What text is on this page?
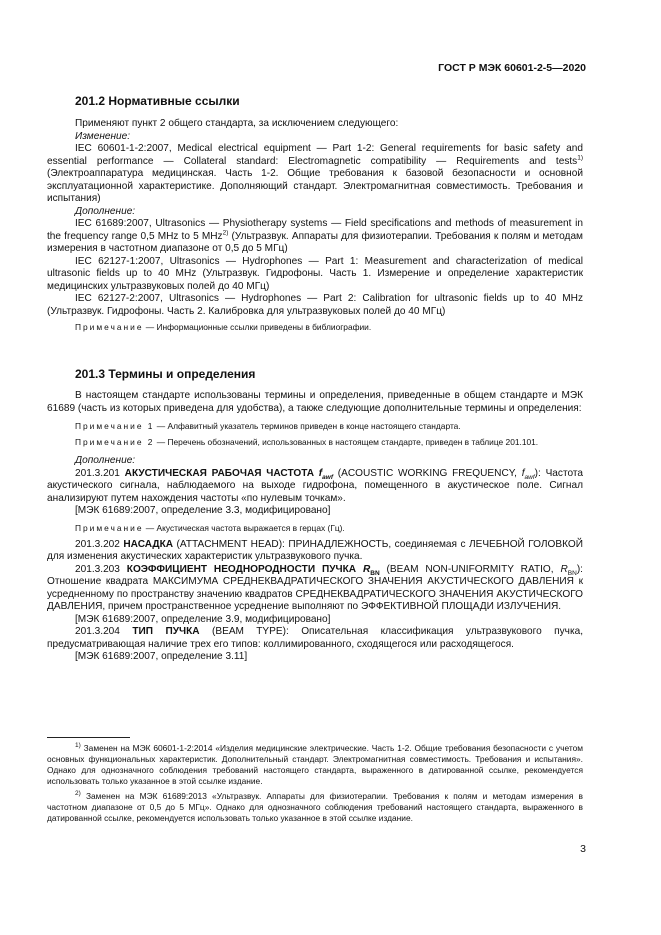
ГОСТ Р МЭК 60601-2-5—2020
201.2 Нормативные ссылки

Применяют пункт 2 общего стандарта, за исключением следующего:

Изменение:

IEC 60601-1-2:2007, Medical electrical equipment — Part 1-2: General requirements for basic safety and essential performance — Collateral standard: Electromagnetic compatibility — Requirements and tests$^{1)}$ (Электроаппаратура медицинская. Часть 1-2. Общие требования к базовой безопасности и основной эксплуатационной характеристике. Дополняющий стандарт. Электромагнитная совместимость. Требования и испытания)

Дополнение:

IEC 61689:2007, Ultrasonics — Physiotherapy systems — Field specifications and methods of measurement in the frequency range 0,5 MHz to 5 MHz$^{2)}$ (Ультразвук. Аппараты для физиотерапии. Требования к полям и методам измерения в частотном диапазоне от 0,5 до 5 МГц)

IEC 62127-1:2007, Ultrasonics — Hydrophones — Part 1: Measurement and characterization of medical ultrasonic fields up to 40 MHz (Ультразвук. Гидрофоны. Часть 1. Измерение и определение характеристик медицинских ультразвуковых полей до 40 МГц)

IEC 62127-2:2007, Ultrasonics — Hydrophones — Part 2: Calibration for ultrasonic fields up to 40 MHz (Ультразвук. Гидрофоны. Часть 2. Калибровка для ультразвуковых полей до 40 МГц)

Примечание — Информационные ссылки приведены в библиографии.

201.3 Термины и определения

В настоящем стандарте использованы термины и определения, приведенные в общем стандарте и МЭК 61689 (часть из которых приведена для удобства), а также следующие дополнительные термины и определения:

Примечание 1 — Алфавитный указатель терминов приведен в конце настоящего стандарта.

Примечание 2 — Перечень обозначений, использованных в настоящем стандарте, приведен в таблице 201.101.

Дополнение:

201.3.201 АКУСТИЧЕСКАЯ РАБОЧАЯ ЧАСТОТА $f_{awf}$ (ACOUSTIC WORKING FREQUENCY, $f_{awf}$): Частота акустического сигнала, наблюдаемого на выходе гидрофона, помещенного в акустическое поле. Сигнал анализируют путем нахождения частоты «по нулевым точкам».

[МЭК 61689:2007, определение 3.3, модифицировано]

Примечание — Акустическая частота выражается в герцах (Гц).

201.3.202 НАСАДКА (ATTACHMENT HEAD): ПРИНАДЛЕЖНОСТЬ, соединяемая с ЛЕЧЕБНОЙ ГОЛОВКОЙ для изменения акустических характеристик ультразвукового пучка.

201.3.203 КОЭФФИЦИЕНТ НЕОДНОРОДНОСТИ ПУЧКА $R_{BN}$ (BEAM NON-UNIFORMITY RATIO, $R_{BN}$): Отношение квадрата МАКСИМУМА СРЕДНЕКВАДРАТИЧЕСКОГО ЗНАЧЕНИЯ АКУСТИЧЕСКОГО ДАВЛЕНИЯ к усредненному по пространству значению квадратов СРЕДНЕКВАДРАТИЧЕСКОГО ЗНАЧЕНИЯ АКУСТИЧЕСКОГО ДАВЛЕНИЯ, причем пространственное усреднение выполняют по ЭФФЕКТИВНОЙ ПЛОЩАДИ ИЗЛУЧЕНИЯ.

[МЭК 61689:2007, определение 3.9, модифицировано]

201.3.204 ТИП ПУЧКА (BEAM TYPE): Описательная классификация ультразвукового пучка, предусматривающая наличие трех его типов: коллимированного, сходящегося или расходящегося.

[МЭК 61689:2007, определение 3.11]

$^{1)}$ Заменен на МЭК 60601-1-2:2014 «Изделия медицинские электрические. Часть 1-2. Общие требования безопасности с учетом основных функциональных характеристик. Дополнительный стандарт. Электромагнитная совместимость. Требования и испытания». Однако для однозначного соблюдения требований настоящего стандарта, выраженного в датированной ссылке, рекомендуется использовать только указанное в этой ссылке издание.

$^{2)}$ Заменен на МЭК 61689:2013 «Ультразвук. Аппараты для физиотерапии. Требования к полям и методам измерения в частотном диапазоне от 0,5 до 5 МГц». Однако для однозначного соблюдения требований настоящего стандарта, выраженного в датированной ссылке, рекомендуется использовать только указанное в этой ссылке издание.

3
